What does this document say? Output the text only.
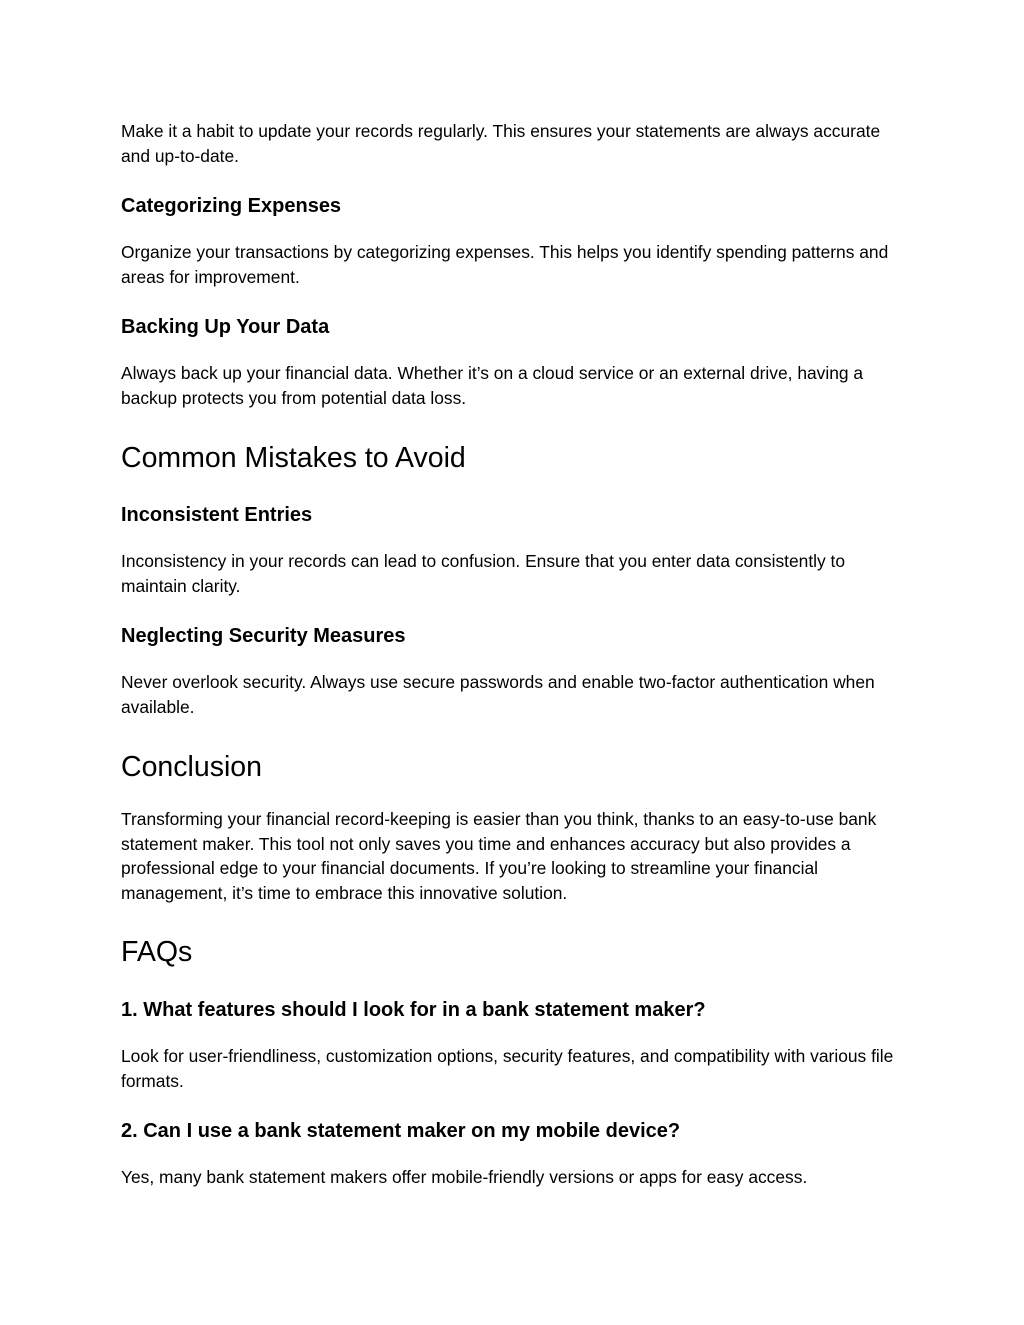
Make it a habit to update your records regularly. This ensures your statements are always accurate and up-to-date.

Categorizing Expenses

Organize your transactions by categorizing expenses. This helps you identify spending patterns and areas for improvement.

Backing Up Your Data

Always back up your financial data. Whether it’s on a cloud service or an external drive, having a backup protects you from potential data loss.

Common Mistakes to Avoid
Inconsistent Entries

Inconsistency in your records can lead to confusion. Ensure that you enter data consistently to maintain clarity.

Neglecting Security Measures

Never overlook security. Always use secure passwords and enable two-factor authentication when available.

Conclusion

Transforming your financial record-keeping is easier than you think, thanks to an easy-to-use bank statement maker. This tool not only saves you time and enhances accuracy but also provides a professional edge to your financial documents. If you’re looking to streamline your financial management, it’s time to embrace this innovative solution.

FAQs
1. What features should I look for in a bank statement maker?

Look for user-friendliness, customization options, security features, and compatibility with various file formats.

2. Can I use a bank statement maker on my mobile device?

Yes, many bank statement makers offer mobile-friendly versions or apps for easy access.
